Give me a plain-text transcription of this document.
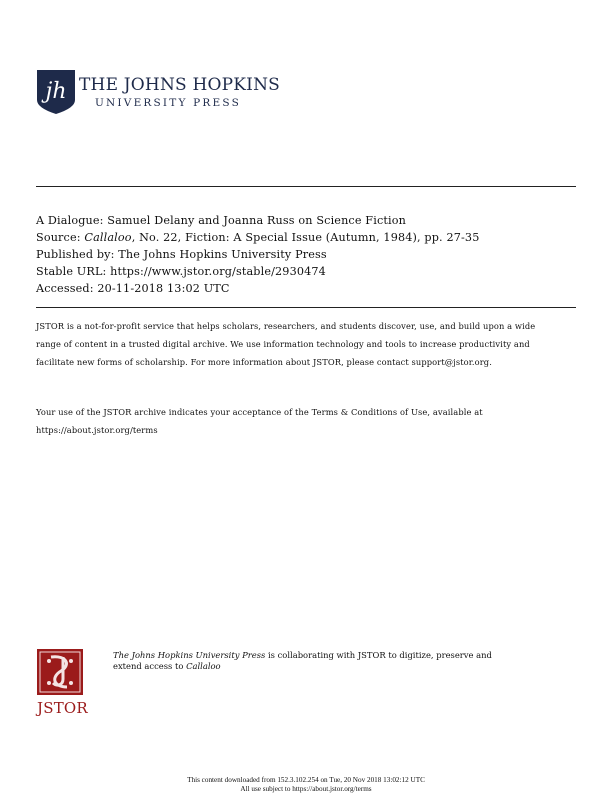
jh THE JOHNS HOPKINS
UNIVERSITY PRESS
A Dialogue: Samuel Delany and Joanna Russ on Science Fiction
Source: Callaloo, No. 22, Fiction: A Special Issue (Autumn, 1984), pp. 27-35
Published by: The Johns Hopkins University Press
Stable URL: https://www.jstor.org/stable/2930474
Accessed: 20-11-2018 13:02 UTC
JSTOR is a not-for-profit service that helps scholars, researchers, and students discover, use, and build upon a wide
range of content in a trusted digital archive. We use information technology and tools to increase productivity and
facilitate new forms of scholarship. For more information about JSTOR, please contact support@jstor.org.
Your use of the JSTOR archive indicates your acceptance of the Terms & Conditions of Use, available at
https://about.jstor.org/terms
JSTOR
The Johns Hopkins University Press is collaborating with JSTOR to digitize, preserve and
extend access to Callaloo
This content downloaded from 152.3.102.254 on Tue, 20 Nov 2018 13:02:12 UTC
All use subject to https://about.jstor.org/terms
